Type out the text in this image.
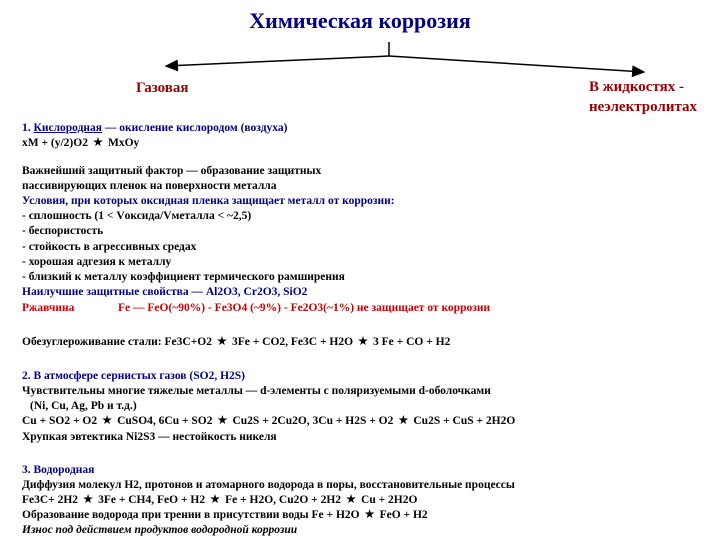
Химическая коррозия
Газовая	В жидкостях -
неэлектролитах
1. Кислородная — окисление кислородом (воздуха)
xM + (y/2)O2 MxOy
Важнейший защитный фактор — образование защитных
пассивирующих пленок на поверхности металла
Условия, при которых оксидная пленка защищает металл от коррозии:
- сплошность (1 < Vоксида/Vметалла < ~2,5)
- беспористость
- стойкость в агрессивных средах
- хорошая адгезия к металлу
- близкий к металлу коэффициент термического рамширения
Наилучшие защитные свойства — Al2O3, Cr2O3, SiO2
Ржавчина	Fe — FeO(~90%) - Fe3O4 (~9%) - Fe2O3(~1%) не защищает от коррозии
Обезуглероживание стали: Fe3C+O2 3Fe + CO2, Fe3C + H2O 3 Fe + CO + H2
2. В атмосфере сернистых газов (SO2, H2S)
Чувствительны многие тяжелые металлы — d-элементы с поляризуемыми d-оболочками
(Ni, Cu, Ag, Pb и т.д.)
Cu + SO2 + O2 CuSO4, 6Cu + SO2 Cu2S + 2Cu2O, 3Cu + H2S + O2 Cu2S + CuS + 2H2O
Хрупкая эвтектика Ni2S3 — нестойкость никеля
3. Водородная
Диффузия молекул H2, протонов и атомарного водорода в поры, восстановительные процессы
Fe3C+ 2H2 3Fe + CH4, FeO + H2 Fe + H2O, Cu2O + 2H2 Cu + 2H2O
Образование водорода при трении в присутствии воды Fe + H2O FeO + H2
Износ под действием продуктов водородной коррозии
